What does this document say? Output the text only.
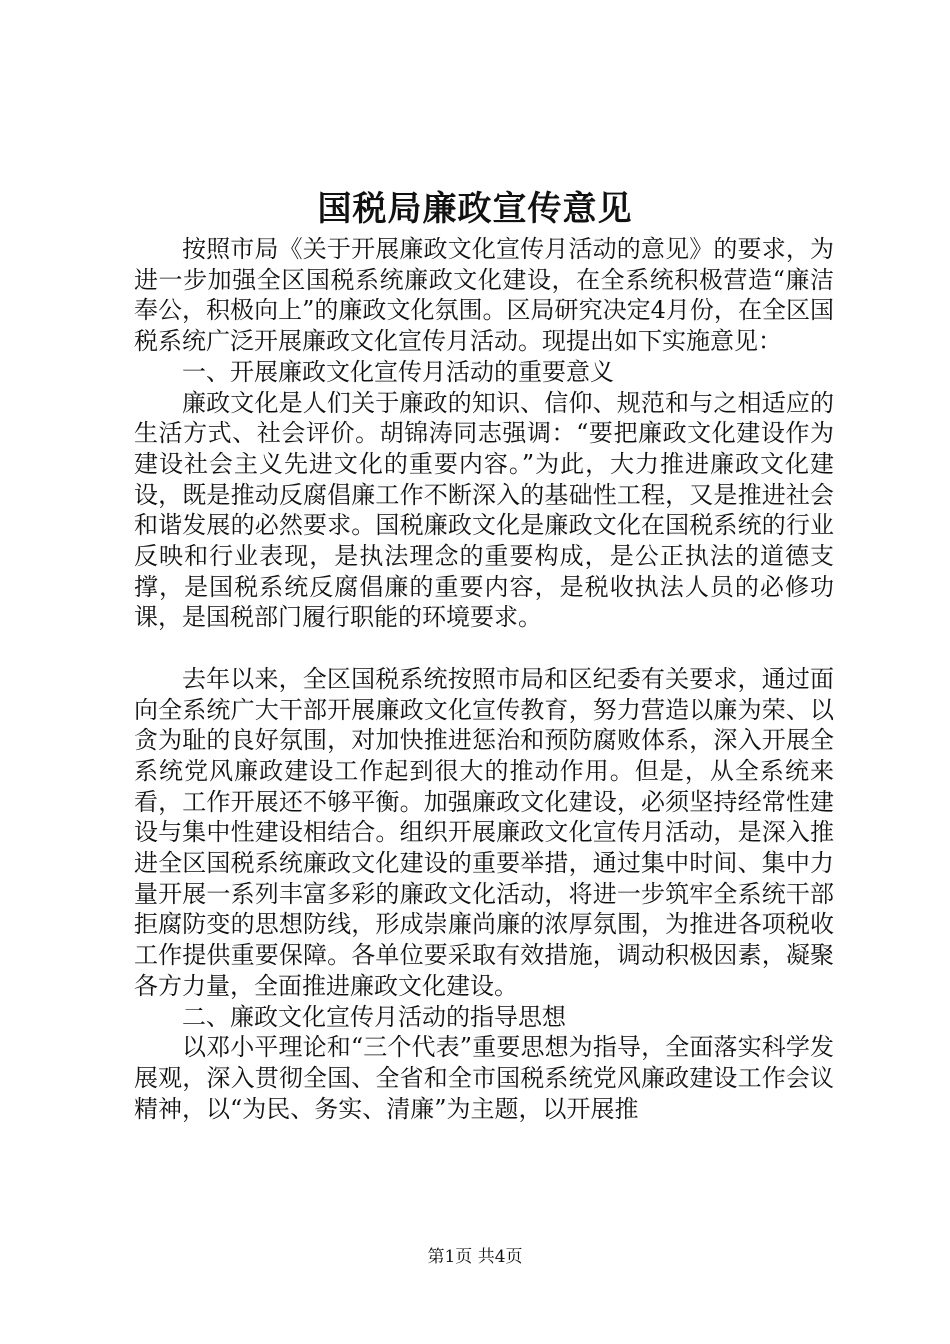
国税局廉政宣传意见

按照市局《关于开展廉政文化宣传月活动的意见》的要求，为进一步加强全区国税系统廉政文化建设，在全系统积极营造“廉洁奉公，积极向上”的廉政文化氛围。区局研究决定4月份，在全区国税系统广泛开展廉政文化宣传月活动。现提出如下实施意见：

一、开展廉政文化宣传月活动的重要意义

廉政文化是人们关于廉政的知识、信仰、规范和与之相适应的生活方式、社会评价。胡锦涛同志强调：“要把廉政文化建设作为建设社会主义先进文化的重要内容。”为此，大力推进廉政文化建设，既是推动反腐倡廉工作不断深入的基础性工程，又是推进社会和谐发展的必然要求。国税廉政文化是廉政文化在国税系统的行业反映和行业表现，是执法理念的重要构成，是公正执法的道德支撑，是国税系统反腐倡廉的重要内容，是税收执法人员的必修功课，是国税部门履行职能的环境要求。

去年以来，全区国税系统按照市局和区纪委有关要求，通过面向全系统广大干部开展廉政文化宣传教育，努力营造以廉为荣、以贪为耻的良好氛围，对加快推进惩治和预防腐败体系，深入开展全系统党风廉政建设工作起到很大的推动作用。但是，从全系统来看，工作开展还不够平衡。加强廉政文化建设，必须坚持经常性建设与集中性建设相结合。组织开展廉政文化宣传月活动，是深入推进全区国税系统廉政文化建设的重要举措，通过集中时间、集中力量开展一系列丰富多彩的廉政文化活动，将进一步筑牢全系统干部拒腐防变的思想防线，形成崇廉尚廉的浓厚氛围，为推进各项税收工作提供重要保障。各单位要采取有效措施，调动积极因素，凝聚各方力量，全面推进廉政文化建设。

二、廉政文化宣传月活动的指导思想

以邓小平理论和“三个代表”重要思想为指导，全面落实科学发展观，深入贯彻全国、全省和全市国税系统党风廉政建设工作会议精神，以“为民、务实、清廉”为主题，以开展推

第1页 共4页
